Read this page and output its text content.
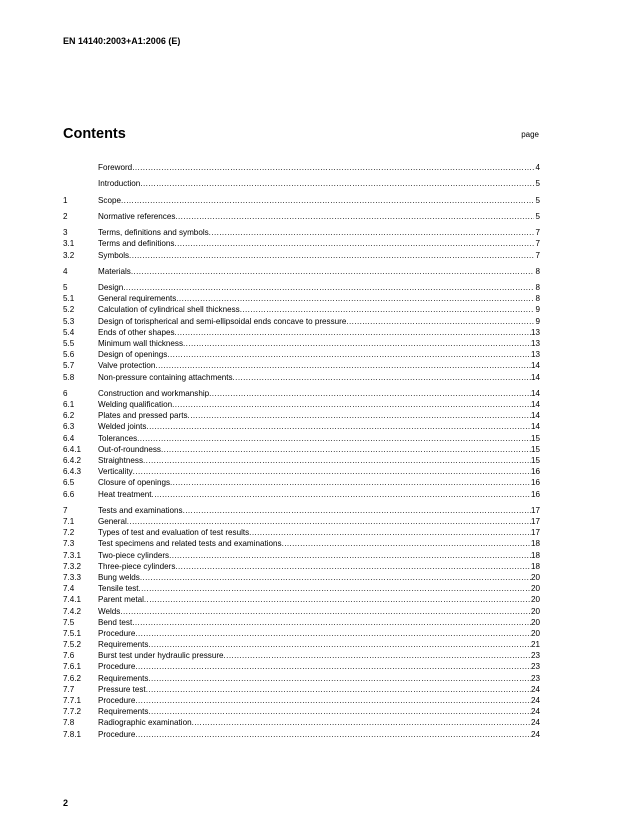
EN 14140:2003+A1:2006 (E)
Contents	page
Foreword .....	4
Introduction .....	5
1	Scope .....	5
2	Normative references .....	5
3	Terms, definitions and symbols .....	7
3.1	Terms and definitions .....	7
3.2	Symbols .....	7
4	Materials .....	8
5	Design .....	8
5.1	General requirements .....	8
5.2	Calculation of cylindrical shell thickness .....	9
5.3	Design of torispherical and semi-ellipsoidal ends concave to pressure .....	9
5.4	Ends of other shapes .....	13
5.5	Minimum wall thickness .....	13
5.6	Design of openings .....	13
5.7	Valve protection .....	14
5.8	Non-pressure containing attachments .....	14
6	Construction and workmanship .....	14
6.1	Welding qualification .....	14
6.2	Plates and pressed parts .....	14
6.3	Welded joints .....	14
6.4	Tolerances .....	15
6.4.1	Out-of-roundness .....	15
6.4.2	Straightness .....	15
6.4.3	Verticality .....	16
6.5	Closure of openings .....	16
6.6	Heat treatment .....	16
7	Tests and examinations .....	17
7.1	General .....	17
7.2	Types of test and evaluation of test results .....	17
7.3	Test specimens and related tests and examinations .....	18
7.3.1	Two-piece cylinders .....	18
7.3.2	Three-piece cylinders .....	18
7.3.3	Bung welds .....	20
7.4	Tensile test .....	20
7.4.1	Parent metal .....	20
7.4.2	Welds .....	20
7.5	Bend test .....	20
7.5.1	Procedure .....	20
7.5.2	Requirements .....	21
7.6	Burst test under hydraulic pressure .....	23
7.6.1	Procedure .....	23
7.6.2	Requirements .....	23
7.7	Pressure test .....	24
7.7.1	Procedure .....	24
7.7.2	Requirements .....	24
7.8	Radiographic examination .....	24
7.8.1	Procedure .....	24
2
